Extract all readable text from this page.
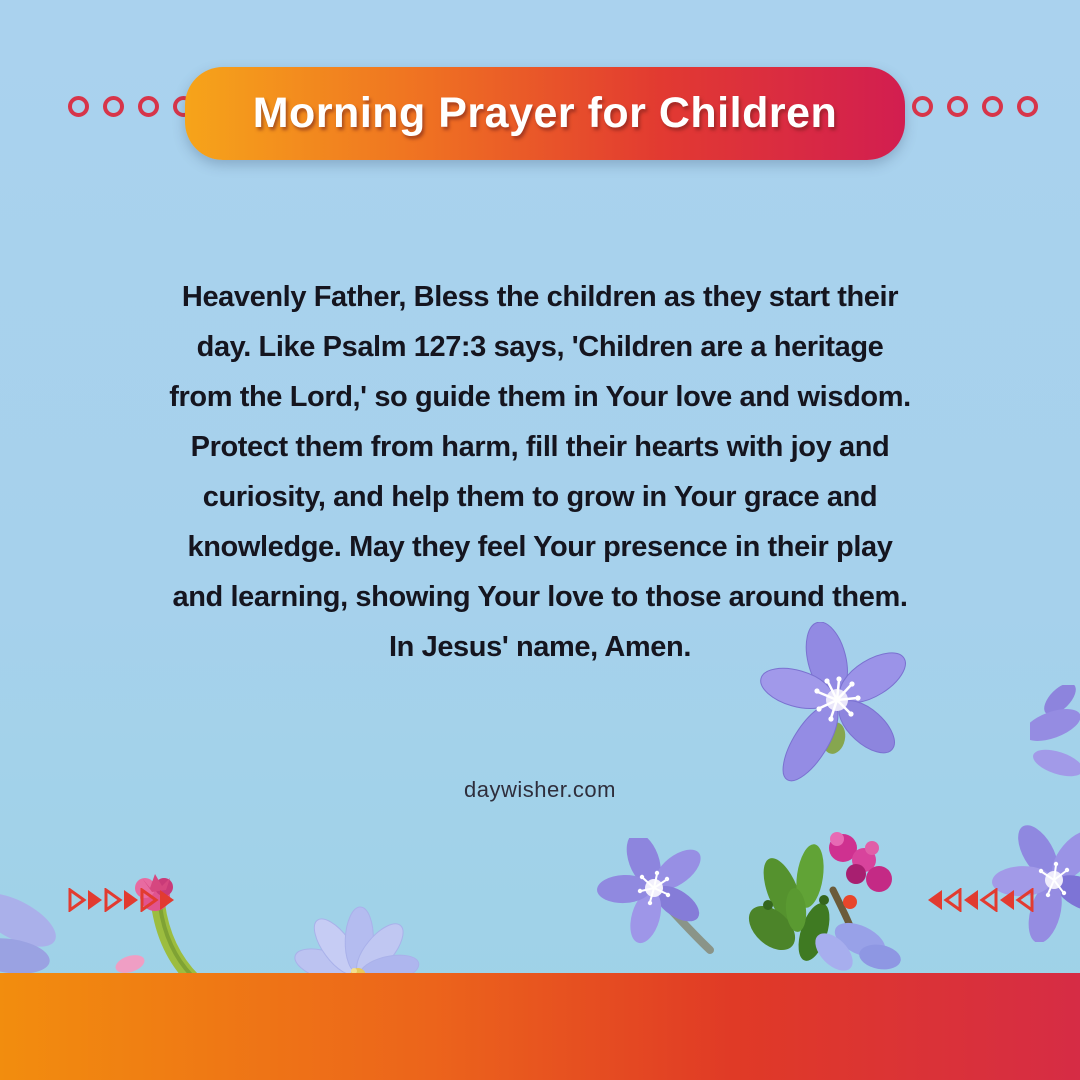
Morning Prayer for Children
Heavenly Father, Bless the children as they start their
day. Like Psalm 127:3 says, 'Children are a heritage
from the Lord,' so guide them in Your love and wisdom.
Protect them from harm, fill their hearts with joy and
curiosity, and help them to grow in Your grace and
knowledge. May they feel Your presence in their play
and learning, showing Your love to those around them.
In Jesus' name, Amen.
daywisher.com
